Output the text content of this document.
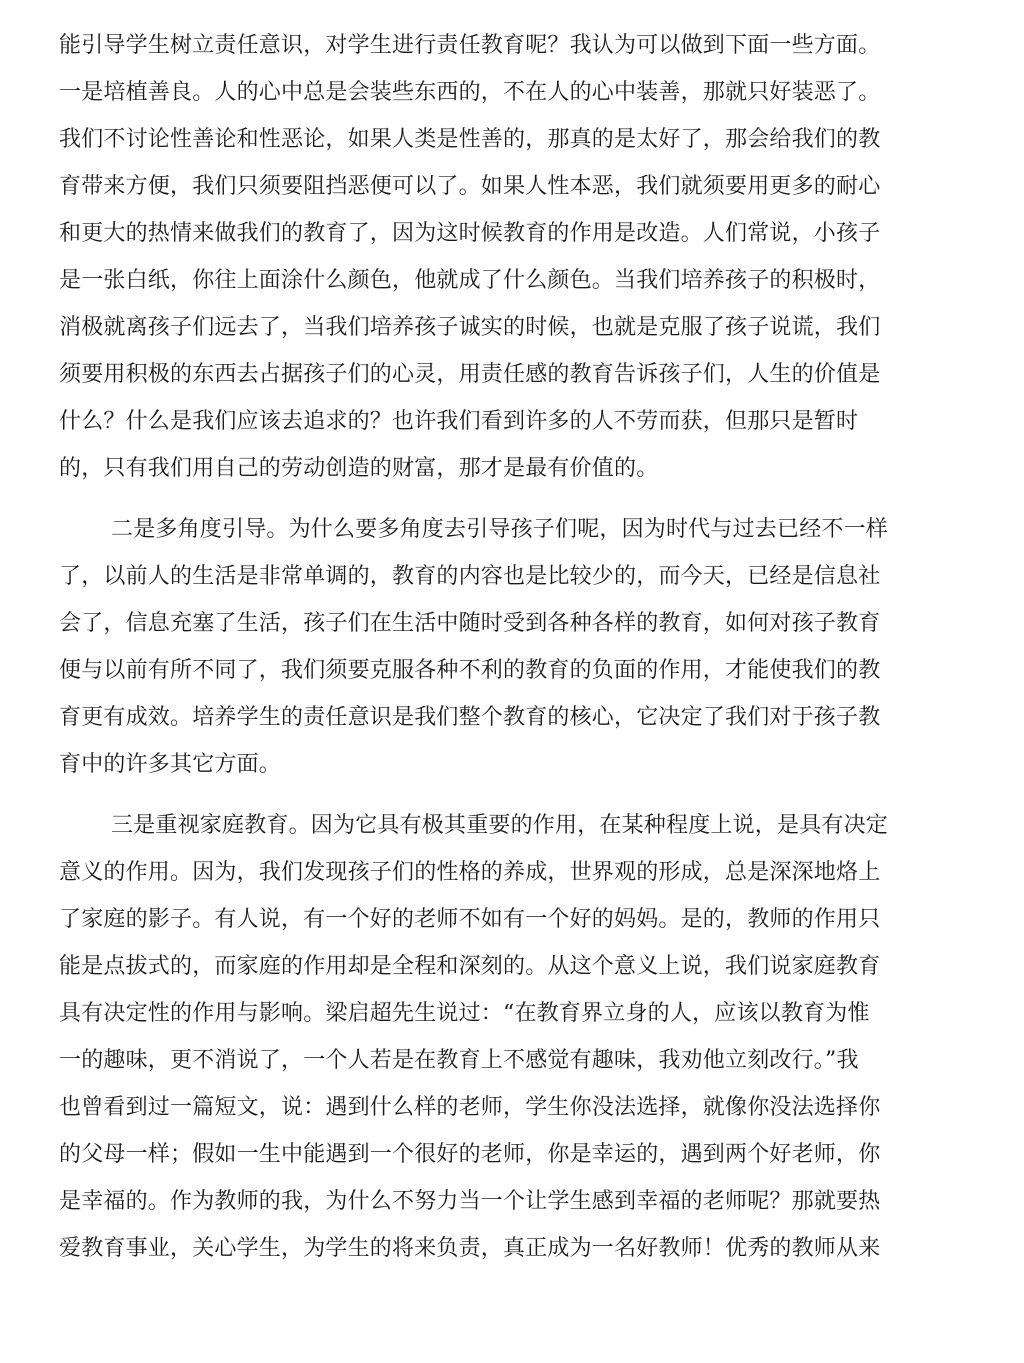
能引导学生树立责任意识，对学生进行责任教育呢？我认为可以做到下面一些方面。
一是培植善良。人的心中总是会装些东西的，不在人的心中装善，那就只好装恶了。
我们不讨论性善论和性恶论，如果人类是性善的，那真的是太好了，那会给我们的教
育带来方便，我们只须要阻挡恶便可以了。如果人性本恶，我们就须要用更多的耐心
和更大的热情来做我们的教育了，因为这时候教育的作用是改造。人们常说，小孩子
是一张白纸，你往上面涂什么颜色，他就成了什么颜色。当我们培养孩子的积极时，
消极就离孩子们远去了，当我们培养孩子诚实的时候，也就是克服了孩子说谎，我们
须要用积极的东西去占据孩子们的心灵，用责任感的教育告诉孩子们，人生的价值是
什么？什么是我们应该去追求的？也许我们看到许多的人不劳而获，但那只是暂时
的，只有我们用自己的劳动创造的财富，那才是最有价值的。
二是多角度引导。为什么要多角度去引导孩子们呢，因为时代与过去已经不一样
了，以前人的生活是非常单调的，教育的内容也是比较少的，而今天，已经是信息社
会了，信息充塞了生活，孩子们在生活中随时受到各种各样的教育，如何对孩子教育
便与以前有所不同了，我们须要克服各种不利的教育的负面的作用，才能使我们的教
育更有成效。培养学生的责任意识是我们整个教育的核心，它决定了我们对于孩子教
育中的许多其它方面。
三是重视家庭教育。因为它具有极其重要的作用，在某种程度上说，是具有决定
意义的作用。因为，我们发现孩子们的性格的养成，世界观的形成，总是深深地烙上
了家庭的影子。有人说，有一个好的老师不如有一个好的妈妈。是的，教师的作用只
能是点拔式的，而家庭的作用却是全程和深刻的。从这个意义上说，我们说家庭教育
具有决定性的作用与影响。梁启超先生说过：“在教育界立身的人，应该以教育为惟
一的趣味，更不消说了，一个人若是在教育上不感觉有趣味，我劝他立刻改行。”我
也曾看到过一篇短文，说：遇到什么样的老师，学生你没法选择，就像你没法选择你
的父母一样；假如一生中能遇到一个很好的老师，你是幸运的，遇到两个好老师，你
是幸福的。作为教师的我，为什么不努力当一个让学生感到幸福的老师呢？那就要热
爱教育事业，关心学生，为学生的将来负责，真正成为一名好教师！优秀的教师从来
